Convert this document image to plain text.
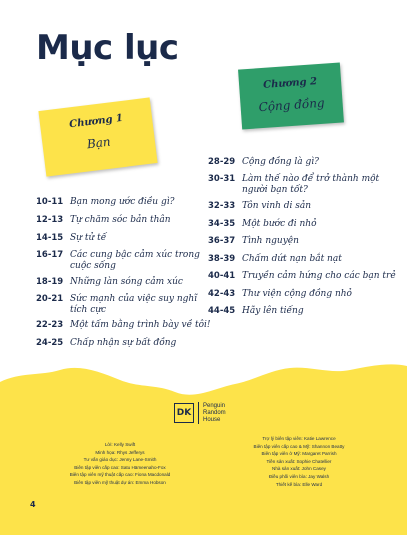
Mục lục
Chương 2
Cộng đồng
Chương 1
Bạn
10-11 Bạn mong ước điều gì?
12-13 Tự chăm sóc bản thân
14-15 Sự tử tế
16-17 Các cung bậc cảm xúc trong cuộc sống
18-19 Những làn sóng cảm xúc
20-21 Sức mạnh của việc suy nghĩ tích cực
22-23 Một tấm bằng trình bày về tôi!
24-25 Chấp nhận sự bất đồng
28-29 Cộng đồng là gì?
30-31 Làm thế nào để trở thành một người bạn tốt?
32-33 Tôn vinh di sản
34-35 Một bước đi nhỏ
36-37 Tình nguyện
38-39 Chấm dứt nạn bắt nạt
40-41 Truyền cảm hứng cho các bạn trẻ
42-43 Thư viện cộng đồng nhỏ
44-45 Hãy lên tiếng
DK
Penguin
Random
House
Lời: Kelly Swift
Minh họa: Rhys Jefferys
Tư vấn giáo dục: Jenny Lane-Smith
Biên tập viên cấp cao: Satu Hämeenaho-Fox
Biên tập viên mỹ thuật cấp cao: Fiona Macdonald
Biên tập viên mỹ thuật dự án: Emma Hobson
Trợ lý biên tập viên: Katie Lawrence
Biên tập viên cấp cao & Mỹ: Shannon Beatty
Biên tập viên ở Mỹ: Margaret Parrish
Tiền sản xuất: Sophie Chatellier
Nhà sản xuất: John Casey
Điều phối viên bìa: Jay Walsh
Thiết kế bìa: Elle Ward
4
